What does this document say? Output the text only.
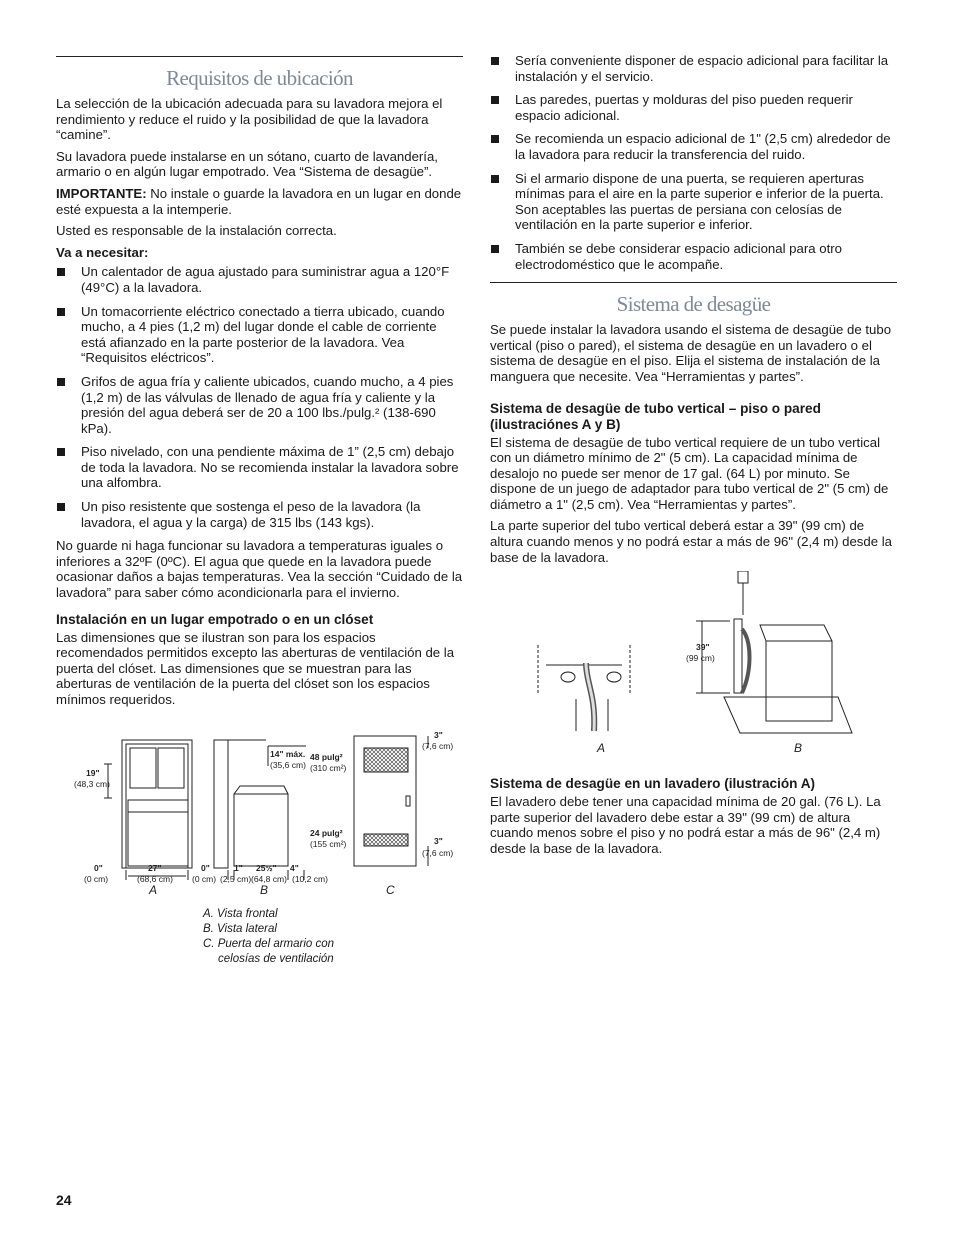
Requisitos de ubicación

La selección de la ubicación adecuada para su lavadora mejora el rendimiento y reduce el ruido y la posibilidad de que la lavadora “camine”.

Su lavadora puede instalarse en un sótano, cuarto de lavandería, armario o en algún lugar empotrado. Vea “Sistema de desagüe”.

IMPORTANTE: No instale o guarde la lavadora en un lugar en donde esté expuesta a la intemperie.

Usted es responsable de la instalación correcta.

Va a necesitar:

Un calentador de agua ajustado para suministrar agua a 120°F (49°C) a la lavadora.
Un tomacorriente eléctrico conectado a tierra ubicado, cuando mucho, a 4 pies (1,2 m) del lugar donde el cable de corriente está afianzado en la parte posterior de la lavadora. Vea “Requisitos eléctricos”.
Grifos de agua fría y caliente ubicados, cuando mucho, a 4 pies (1,2 m) de las válvulas de llenado de agua fría y caliente y la presión del agua deberá ser de 20 a 100 lbs./pulg.² (138-690 kPa).
Piso nivelado, con una pendiente máxima de 1” (2,5 cm) debajo de toda la lavadora. No se recomienda instalar la lavadora sobre una alfombra.
Un piso resistente que sostenga el peso de la lavadora (la lavadora, el agua y la carga) de 315 lbs (143 kgs).

No guarde ni haga funcionar su lavadora a temperaturas iguales o inferiores a 32ºF (0ºC). El agua que quede en la lavadora puede ocasionar daños a bajas temperaturas. Vea la sección “Cuidado de la lavadora” para saber cómo acondicionarla para el invierno.

Instalación en un lugar empotrado o en un clóset

Las dimensiones que se ilustran son para los espacios recomendados permitidos excepto las aberturas de ventilación de la puerta del clóset. Las dimensiones que se muestran para las aberturas de ventilación de la puerta del clóset son los espacios mínimos requeridos.

19"
(48,3 cm)
0"
(0 cm)
27"
(68,6 cm)
0"
(0 cm)
1"
(2,5 cm)
25½"
(64,8 cm)
4"
(10,2 cm)
14" máx.
(35,6 cm)
48 pulg²
(310 cm²)
24 pulg²
(155 cm²)
3"
(7,6 cm)
3"
(7,6 cm)
A	B	C
A. Vista frontal
B. Vista lateral
C. Puerta del armario con
celosías de ventilación
Sería conveniente disponer de espacio adicional para facilitar la instalación y el servicio.
Las paredes, puertas y molduras del piso pueden requerir espacio adicional.
Se recomienda un espacio adicional de 1" (2,5 cm) alrededor de la lavadora para reducir la transferencia del ruido.
Si el armario dispone de una puerta, se requieren aperturas mínimas para el aire en la parte superior e inferior de la puerta. Son aceptables las puertas de persiana con celosías de ventilación en la parte superior e inferior.
También se debe considerar espacio adicional para otro electrodoméstico que le acompañe.
Sistema de desagüe

Se puede instalar la lavadora usando el sistema de desagüe de tubo vertical (piso o pared), el sistema de desagüe en un lavadero o el sistema de desagüe en el piso. Elija el sistema de instalación de la manguera que necesite. Vea “Herramientas y partes”.

Sistema de desagüe de tubo vertical – piso o pared (ilustraciónes A y B)

El sistema de desagüe de tubo vertical requiere de un tubo vertical con un diámetro mínimo de 2" (5 cm). La capacidad mínima de desalojo no puede ser menor de 17 gal. (64 L) por minuto. Se dispone de un juego de adaptador para tubo vertical de 2" (5 cm) de diámetro a 1" (2,5 cm). Vea “Herramientas y partes”.

La parte superior del tubo vertical deberá estar a 39" (99 cm) de altura cuando menos y no podrá estar a más de 96" (2,4 m) desde la base de la lavadora.

39"
(99 cm)
A	B
Sistema de desagüe en un lavadero (ilustración A)

El lavadero debe tener una capacidad mínima de 20 gal. (76 L). La parte superior del lavadero debe estar a 39" (99 cm) de altura cuando menos sobre el piso y no podrá estar a más de 96" (2,4 m) desde la base de la lavadora.

24
